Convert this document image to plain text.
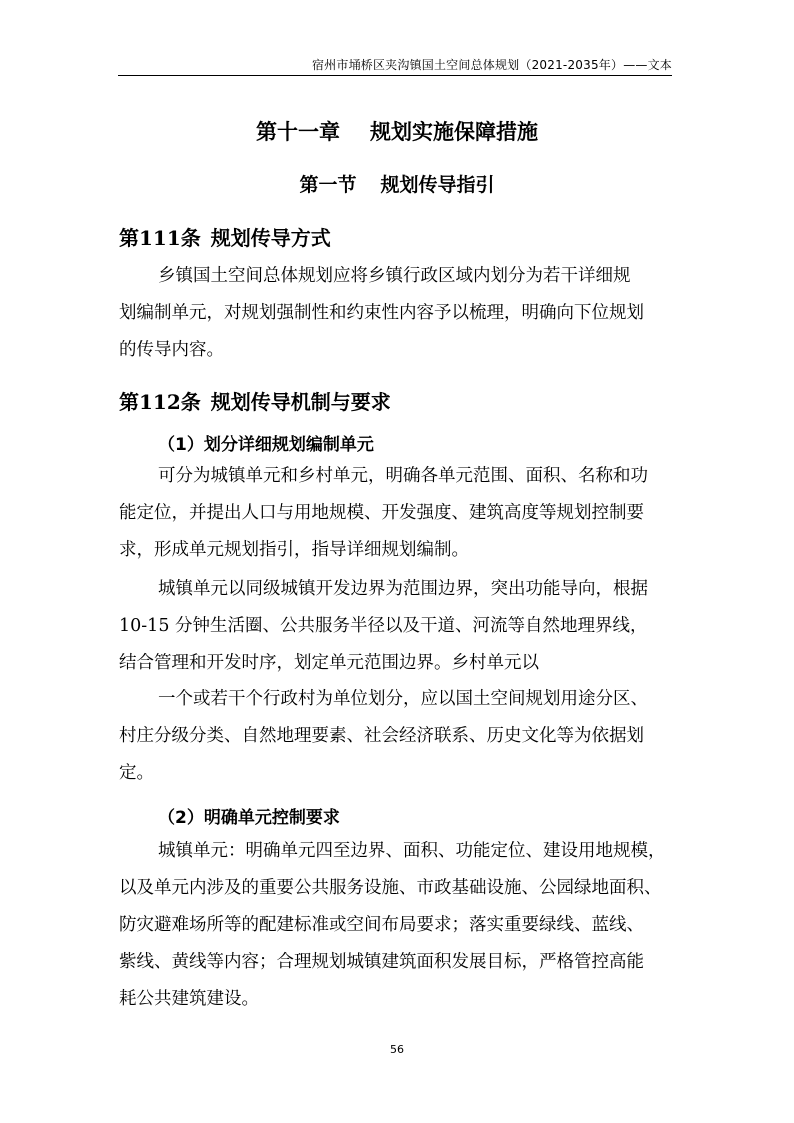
宿州市埇桥区夹沟镇国土空间总体规划（2021-2035年）——文本
第十一章 规划实施保障措施
第一节 规划传导指引
第111条 规划传导方式
乡镇国土空间总体规划应将乡镇行政区域内划分为若干详细规
划编制单元，对规划强制性和约束性内容予以梳理，明确向下位规划
的传导内容。
第112条 规划传导机制与要求
（1）划分详细规划编制单元
可分为城镇单元和乡村单元，明确各单元范围、面积、名称和功
能定位，并提出人口与用地规模、开发强度、建筑高度等规划控制要
求，形成单元规划指引，指导详细规划编制。
城镇单元以同级城镇开发边界为范围边界，突出功能导向，根据
10-15 分钟生活圈、公共服务半径以及干道、河流等自然地理界线，
结合管理和开发时序，划定单元范围边界。乡村单元以
一个或若干个行政村为单位划分，应以国土空间规划用途分区、
村庄分级分类、自然地理要素、社会经济联系、历史文化等为依据划
定。
（2）明确单元控制要求
城镇单元：明确单元四至边界、面积、功能定位、建设用地规模，
以及单元内涉及的重要公共服务设施、市政基础设施、公园绿地面积、
防灾避难场所等的配建标准或空间布局要求；落实重要绿线、蓝线、
紫线、黄线等内容；合理规划城镇建筑面积发展目标，严格管控高能
耗公共建筑建设。
56
